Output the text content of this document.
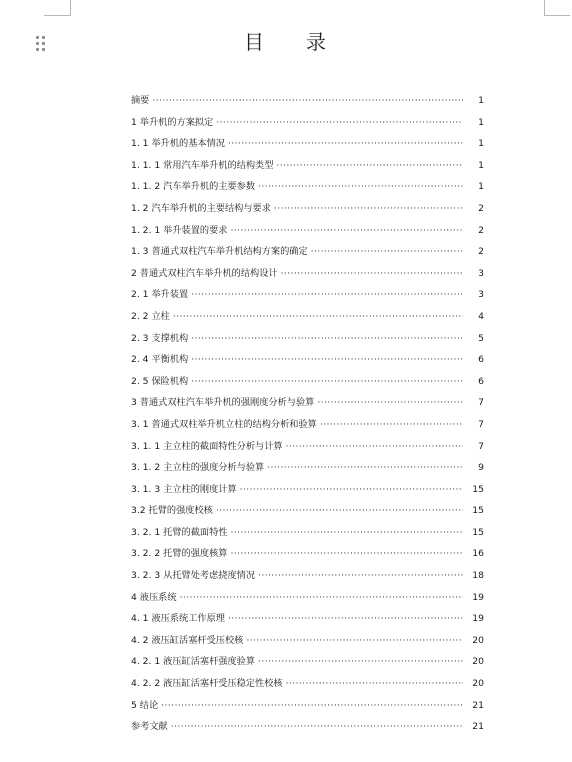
目 录
摘要 ·····	1
1 举升机的方案拟定 ·····	1
1. 1 举升机的基本情况 ·····	1
1. 1. 1 常用汽车举升机的结构类型 ·····	1
1. 1. 2 汽车举升机的主要参数 ·····	1
1. 2 汽车举升机的主要结构与要求 ·····	2
1. 2. 1 举升装置的要求 ·····	2
1. 3 普通式双柱汽车举升机结构方案的确定 ·····	2
2 普通式双柱汽车举升机的结构设计 ·····	3
2. 1 举升装置 ·····	3
2. 2 立柱 ·····	4
2. 3 支撑机构 ·····	5
2. 4 平衡机构 ·····	6
2. 5 保险机构 ·····	6
3 普通式双柱汽车举升机的强刚度分析与验算 ·····	7
3. 1 普通式双柱举升机立柱的结构分析和验算 ·····	7
3. 1. 1 主立柱的截面特性分析与计算 ·····	7
3. 1. 2 主立柱的强度分析与验算 ·····	9
3. 1. 3 主立柱的刚度计算 ·····	15
3.2 托臂的强度校核 ·····	15
3. 2. 1 托臂的截面特性 ·····	15
3. 2. 2 托臂的强度核算 ·····	16
3. 2. 3 从托臂处考虑挠度情况 ·····	18
4 液压系统 ·····	19
4. 1 液压系统工作原理 ·····	19
4. 2 液压缸活塞杆受压校核 ·····	20
4. 2. 1 液压缸活塞杆强度验算 ·····	20
4. 2. 2 液压缸活塞杆受压稳定性校核 ·····	20
5 结论 ·····	21
参考文献 ·····	21
